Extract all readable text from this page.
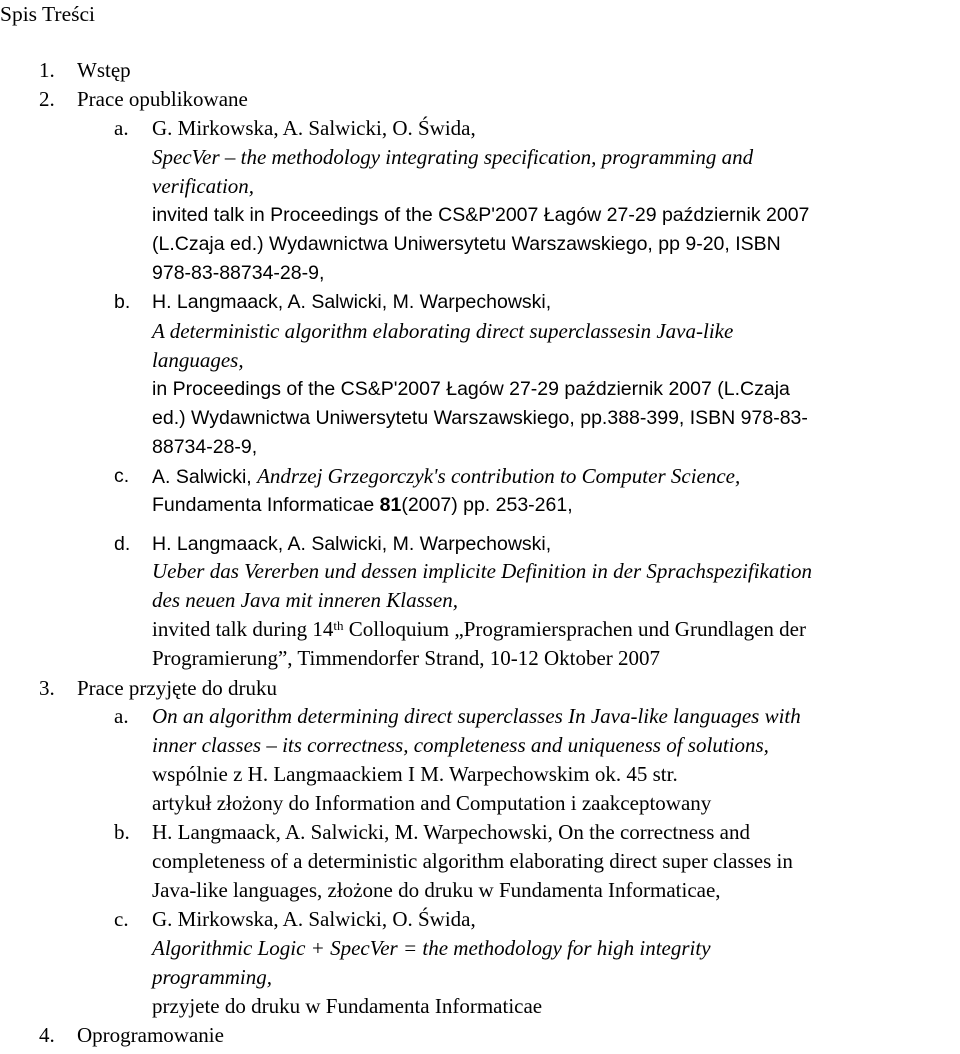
Spis Treści
1. Wstęp
2. Prace opublikowane
a. G. Mirkowska, A. Salwicki, O. Świda,
SpecVer – the methodology integrating specification, programming and
verification,
invited talk in Proceedings of the CS&P'2007 Łagów 27-29 październik 2007
(L.Czaja ed.) Wydawnictwa Uniwersytetu Warszawskiego, pp 9-20, ISBN
978-83-88734-28-9,
b. H. Langmaack, A. Salwicki, M. Warpechowski,
A deterministic algorithm elaborating direct superclassesin Java-like
languages,
in Proceedings of the CS&P'2007 Łagów 27-29 październik 2007 (L.Czaja
ed.) Wydawnictwa Uniwersytetu Warszawskiego, pp.388-399, ISBN 978-83-
88734-28-9,
c. A. Salwicki, Andrzej Grzegorczyk's contribution to Computer Science,
Fundamenta Informaticae 81(2007) pp. 253-261,
d. H. Langmaack, A. Salwicki, M. Warpechowski,
Ueber das Vererben und dessen implicite Definition in der Sprachspezifikation
des neuen Java mit inneren Klassen,
invited talk during 14th Colloquium „Programiersprachen und Grundlagen der
Programierung”, Timmendorfer Strand, 10-12 Oktober 2007
3. Prace przyjęte do druku
a. On an algorithm determining direct superclasses In Java-like languages with
inner classes – its correctness, completeness and uniqueness of solutions,
wspólnie z H. Langmaackiem I M. Warpechowskim ok. 45 str.
artykuł złożony do Information and Computation i zaakceptowany
b. H. Langmaack, A. Salwicki, M. Warpechowski, On the correctness and
completeness of a deterministic algorithm elaborating direct super classes in
Java-like languages, złożone do druku w Fundamenta Informaticae,
c. G. Mirkowska, A. Salwicki, O. Świda,
Algorithmic Logic + SpecVer = the methodology for high integrity
programming,
przyjete do druku w Fundamenta Informaticae
4. Oprogramowanie
